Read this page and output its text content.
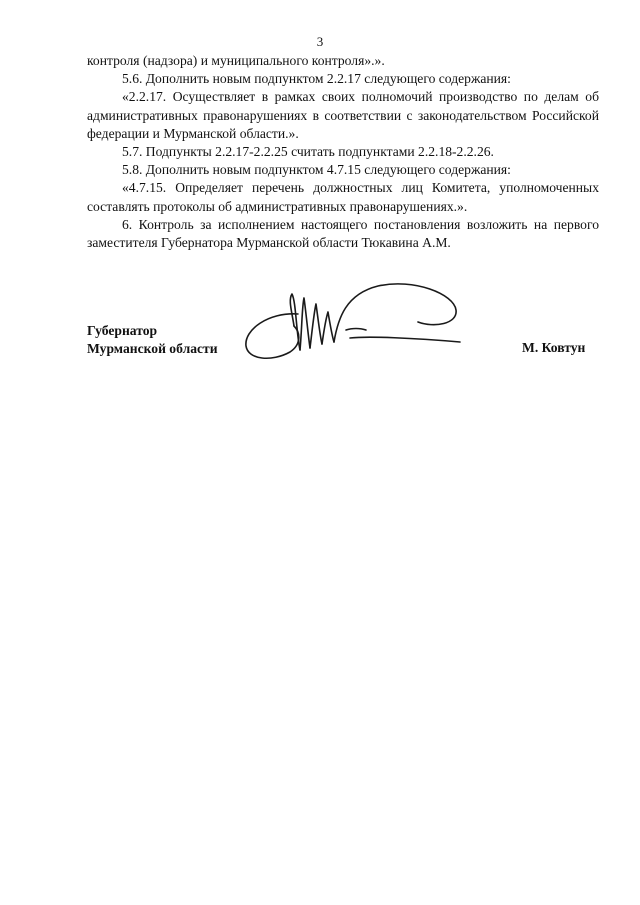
3

контроля (надзора) и муниципального контроля».».

5.6. Дополнить новым подпунктом 2.2.17 следующего содержания:

«2.2.17. Осуществляет в рамках своих полномочий производство по делам об административных правонарушениях в соответствии с законодательством Российской федерации и Мурманской области.».

5.7. Подпункты 2.2.17-2.2.25 считать подпунктами 2.2.18-2.2.26.

5.8. Дополнить новым подпунктом 4.7.15 следующего содержания:

«4.7.15. Определяет перечень должностных лиц Комитета, уполномоченных составлять протоколы об административных правонарушениях.».

6. Контроль за исполнением настоящего постановления возложить на первого заместителя Губернатора Мурманской области Тюкавина А.М.

Губернатор
Мурманской области	М. Ковтун
